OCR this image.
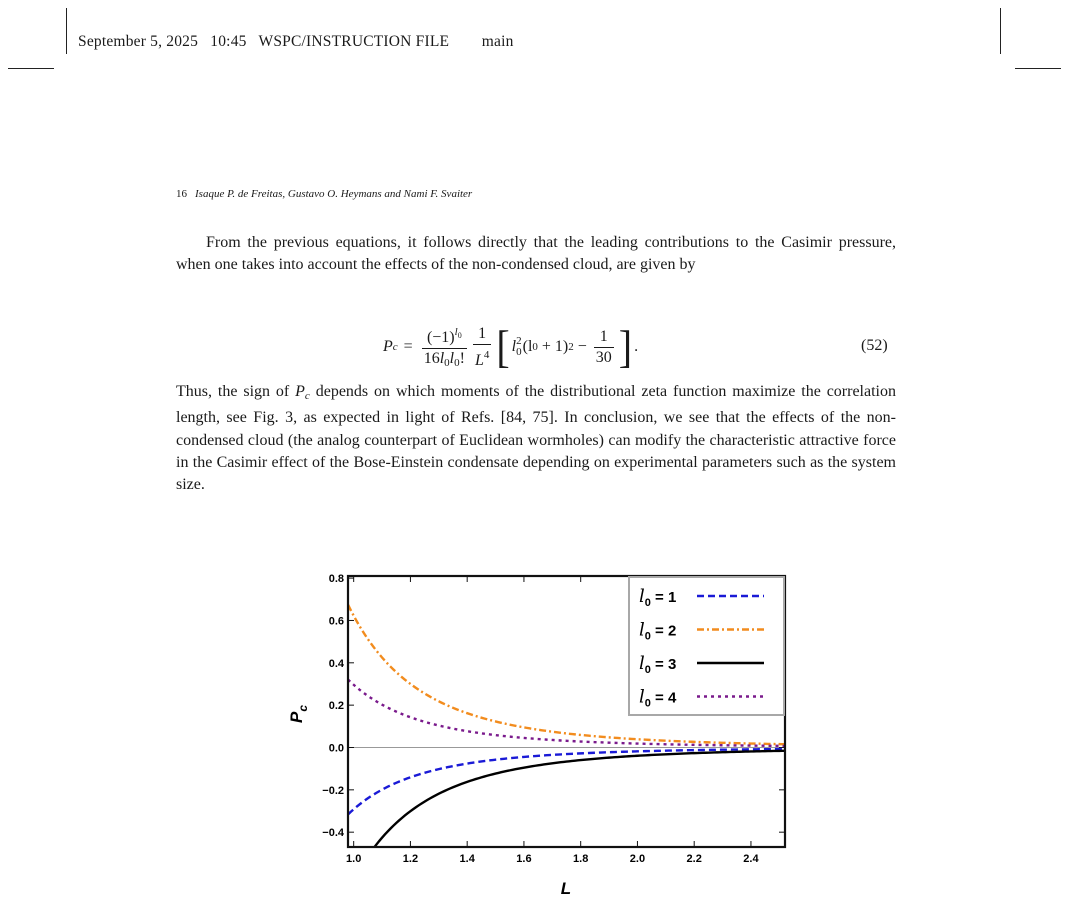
September 5, 2025   10:45   WSPC/INSTRUCTION FILE        main
16 Isaque P. de Freitas, Gustavo O. Heymans and Nami F. Svaiter
From the previous equations, it follows directly that the leading contributions to the Casimir pressure, when one takes into account the effects of the non-condensed cloud, are given by
P $c = \frac{(-1)^{l_0}}{16l_0l_0!} \frac{1}{L^4}$ [ l 2
0 (l 0 + 1) $2 - \frac{1}{30}$ ] .	(52)
Thus, the sign of $P_c$ depends on which moments of the distributional zeta function maximize the correlation length, see Fig. 3, as expected in light of Refs. [84, 75]. In conclusion, we see that the effects of the non-condensed cloud (the analog counterpart of Euclidean wormholes) can modify the characteristic attractive force in the Casimir effect of the Bose-Einstein condensate depending on experimental parameters such as the system size.
1.0	1.2	1.4	1.6	1.8	2.0	2.2	2.4
−0.4
−0.2
0.0
0.2
0.4
0.6
0.8
$l_0 = 1$
$l_0 = 2$
$l_0 = 3$
$l_0 = 4$
L
$P_c$
